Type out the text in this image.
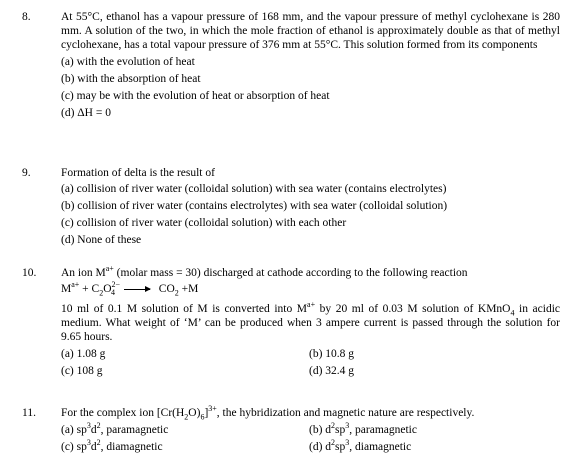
8.	At 55°C, ethanol has a vapour pressure of 168 mm, and the vapour pressure of methyl cyclohexane is 280 mm. A solution of the two, in which the mole fraction of ethanol is approximately double as that of methyl cyclohexane, has a total vapour pressure of 376 mm at 55°C. This solution formed from its components
(a) with the evolution of heat
(b) with the absorption of heat
(c) may be with the evolution of heat or absorption of heat
(d) ΔH = 0
9.	Formation of delta is the result of
(a) collision of river water (colloidal solution) with sea water (contains electrolytes)
(b) collision of river water (contains electrolytes) with sea water (colloidal solution)
(c) collision of river water (colloidal solution) with each other
(d) None of these
10. An ion $M^{a+}$ (molar mass = 30) discharged at cathode according to the following reaction
$M^{a+} + C_2O^{2-}_4 \to CO_2 +M$
10 ml of 0.1 M solution of M is converted into $M^{a+}$ by 20 ml of 0.03 M solution of KMnO$_4$ in acidic medium. What weight of ‘M’ can be produced when 3 ampere current is passed through the solution for 9.65 hours.
(a) 1.08 g	(b) 10.8 g
(c) 108 g	(d) 32.4 g
11. For the complex ion $[Cr(H_2O)_6]^{3+}$, the hybridization and magnetic nature are respectively.
(a) $sp^3d^2$, paramagnetic	(b) $d^2sp^3$, paramagnetic
(c) $sp^3d^2$, diamagnetic	(d) $d^2sp^3$, diamagnetic
